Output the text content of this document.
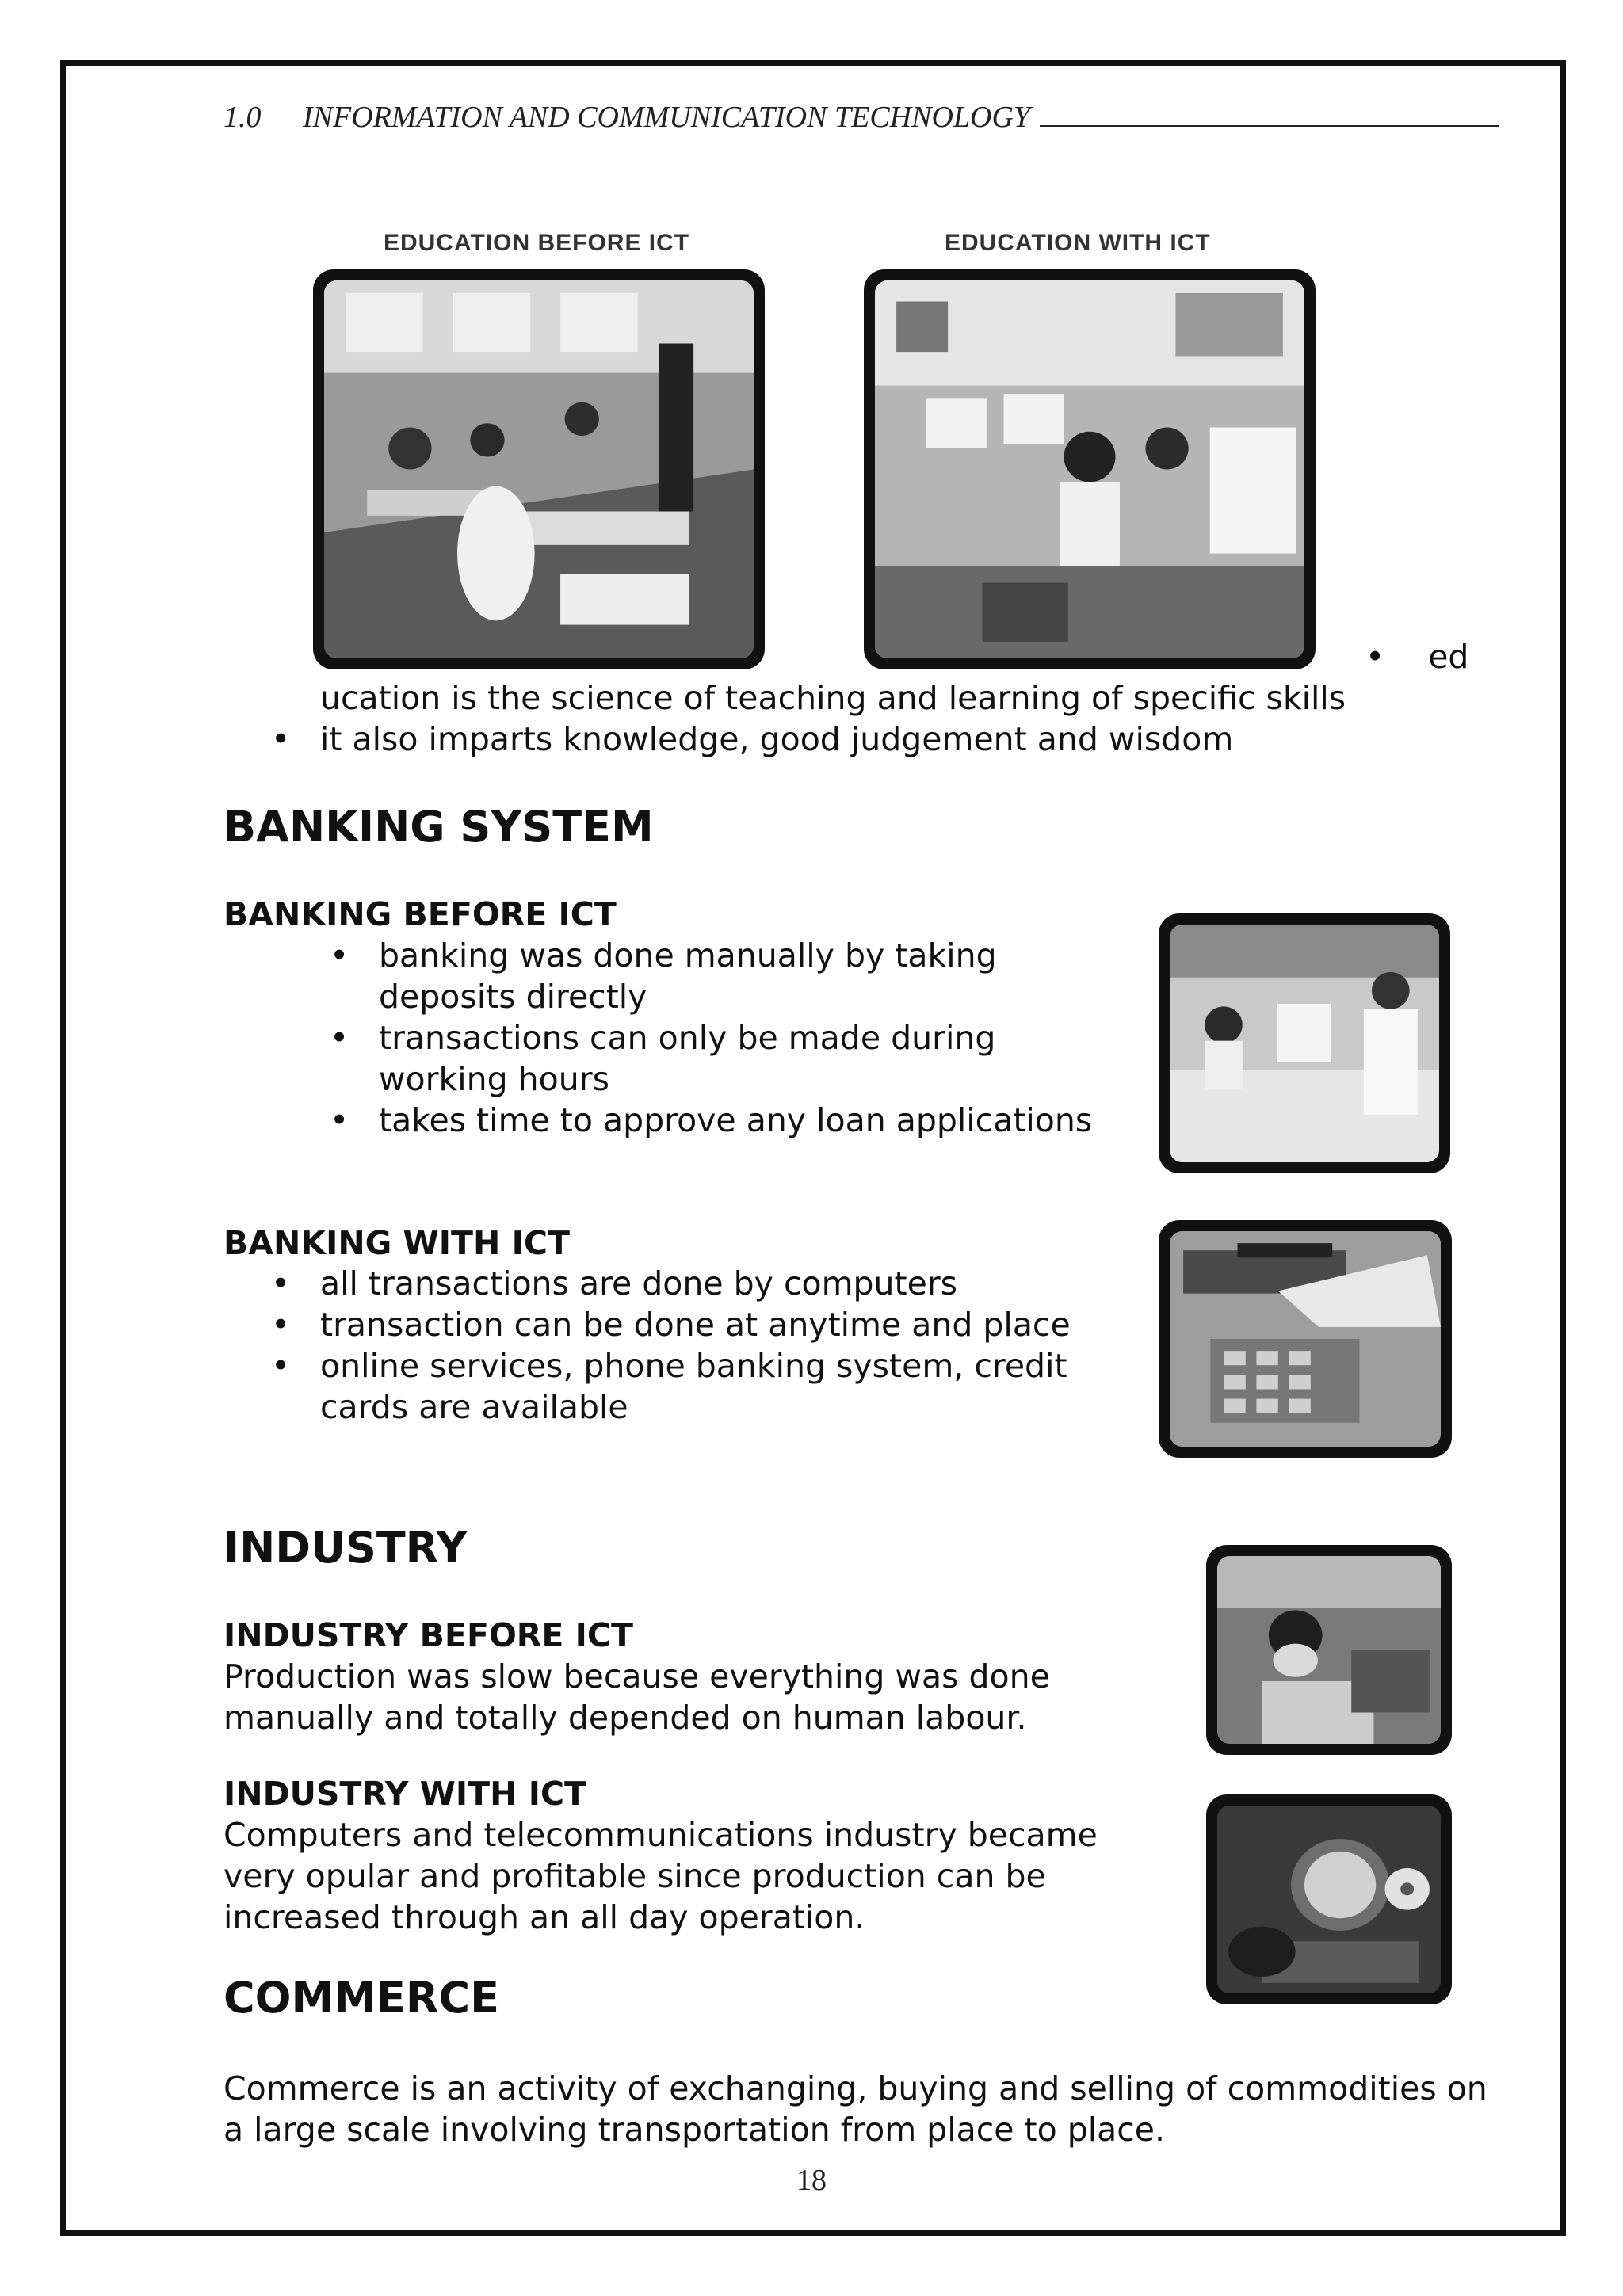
1.0	INFORMATION AND COMMUNICATION TECHNOLOGY
EDUCATION BEFORE ICT	EDUCATION WITH ICT
• ed
ucation is the science of teaching and learning of specific skills
• it also imparts knowledge, good judgement and wisdom
BANKING SYSTEM
BANKING BEFORE ICT
• banking was done manually by taking deposits directly
• transactions can only be made during working hours
• takes time to approve any loan applications
BANKING WITH ICT
• all transactions are done by computers
• transaction can be done at anytime and place
• online services, phone banking system, credit cards are available
INDUSTRY
INDUSTRY BEFORE ICT
Production was slow because everything was done manually and totally depended on human labour.
INDUSTRY WITH ICT
Computers and telecommunications industry became very opular and profitable since production can be increased through an all day operation.
COMMERCE
Commerce is an activity of exchanging, buying and selling of commodities on a large scale involving transportation from place to place.
18
